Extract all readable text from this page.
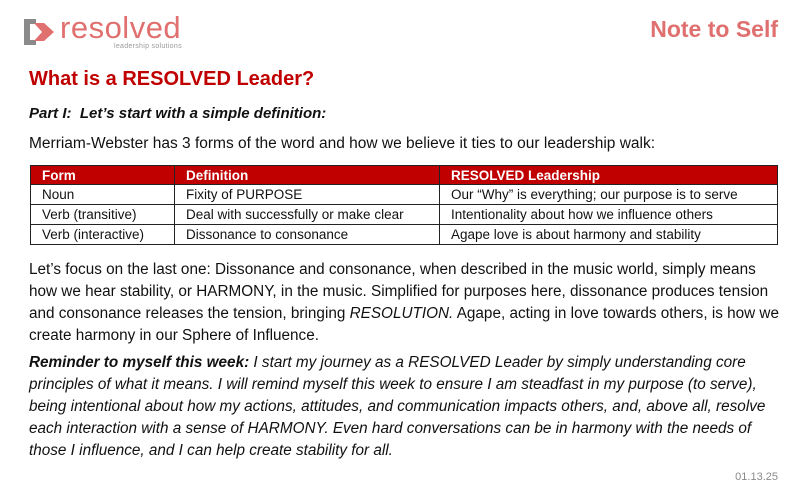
resolved
leadership solutions
Note to Self
What is a RESOLVED Leader?
Part I:  Let’s start with a simple definition:
Merriam-Webster has 3 forms of the word and how we believe it ties to our leadership walk:
Form	Definition	RESOLVED Leadership
Noun	Fixity of PURPOSE	Our “Why” is everything; our purpose is to serve
Verb (transitive)	Deal with successfully or make clear	Intentionality about how we influence others
Verb (interactive)	Dissonance to consonance	Agape love is about harmony and stability
Let’s focus on the last one: Dissonance and consonance, when described in the music world, simply means how we hear stability, or HARMONY, in the music. Simplified for purposes here, dissonance produces tension and consonance releases the tension, bringing RESOLUTION. Agape, acting in love towards others, is how we create harmony in our Sphere of Influence.
Reminder to myself this week: I start my journey as a RESOLVED Leader by simply understanding core principles of what it means. I will remind myself this week to ensure I am steadfast in my purpose (to serve), being intentional about how my actions, attitudes, and communication impacts others, and, above all, resolve each interaction with a sense of HARMONY. Even hard conversations can be in harmony with the needs of those I influence, and I can help create stability for all.
01.13.25
